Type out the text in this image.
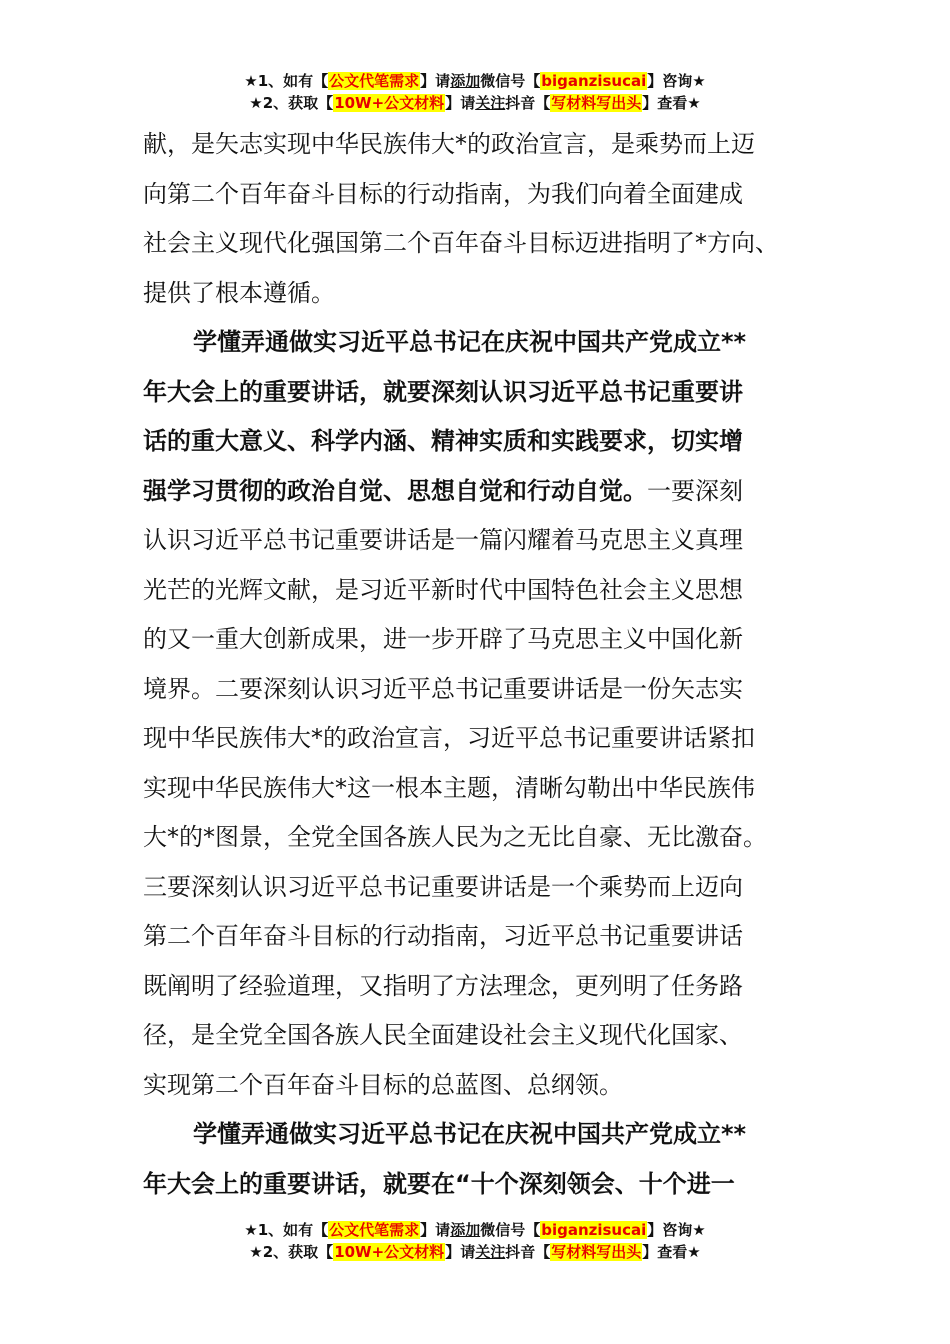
★1、如有【公文代笔需求】请添加微信号【biganzisucai】咨询★
★2、获取【10W+公文材料】请关注抖音【写材料写出头】查看★

献，是矢志实现中华民族伟大*的政治宣言，是乘势而上迈

向第二个百年奋斗目标的行动指南，为我们向着全面建成

社会主义现代化强国第二个百年奋斗目标迈进指明了*方向、

提供了根本遵循。

学懂弄通做实习近平总书记在庆祝中国共产党成立**

年大会上的重要讲话，就要深刻认识习近平总书记重要讲

话的重大意义、科学内涵、精神实质和实践要求，切实增

强学习贯彻的政治自觉、思想自觉和行动自觉。一要深刻

认识习近平总书记重要讲话是一篇闪耀着马克思主义真理

光芒的光辉文献，是习近平新时代中国特色社会主义思想

的又一重大创新成果，进一步开辟了马克思主义中国化新

境界。二要深刻认识习近平总书记重要讲话是一份矢志实

现中华民族伟大*的政治宣言，习近平总书记重要讲话紧扣

实现中华民族伟大*这一根本主题，清晰勾勒出中华民族伟

大*的*图景，全党全国各族人民为之无比自豪、无比激奋。

三要深刻认识习近平总书记重要讲话是一个乘势而上迈向

第二个百年奋斗目标的行动指南，习近平总书记重要讲话

既阐明了经验道理，又指明了方法理念，更列明了任务路

径，是全党全国各族人民全面建设社会主义现代化国家、

实现第二个百年奋斗目标的总蓝图、总纲领。

学懂弄通做实习近平总书记在庆祝中国共产党成立**

年大会上的重要讲话，就要在“十个深刻领会、十个进一

★1、如有【公文代笔需求】请添加微信号【biganzisucai】咨询★
★2、获取【10W+公文材料】请关注抖音【写材料写出头】查看★
